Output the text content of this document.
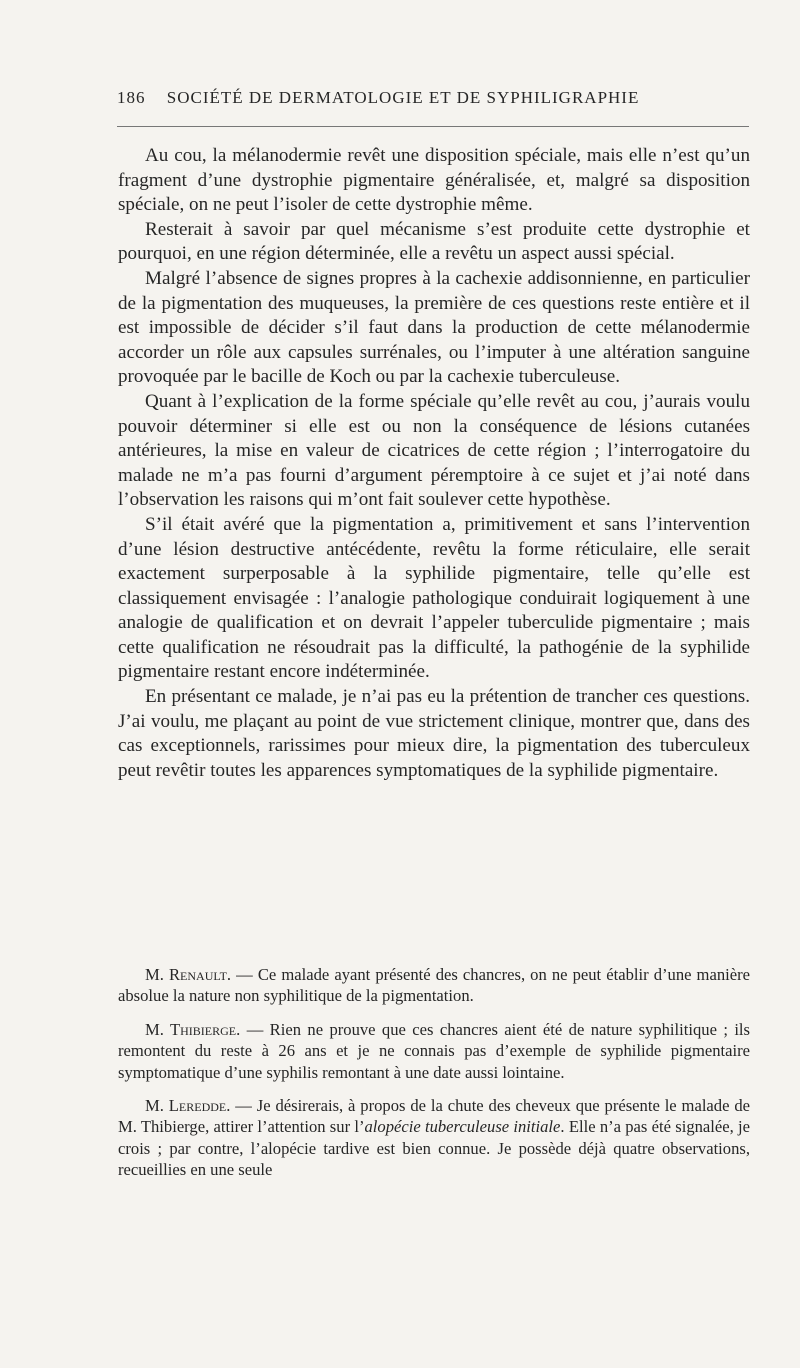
186 SOCIÉTÉ DE DERMATOLOGIE ET DE SYPHILIGRAPHIE

Au cou, la mélanodermie revêt une disposition spéciale, mais elle n’est qu’un fragment d’une dystrophie pigmentaire généralisée, et, malgré sa disposition spéciale, on ne peut l’isoler de cette dystrophie même.

Resterait à savoir par quel mécanisme s’est produite cette dystrophie et pourquoi, en une région déterminée, elle a revêtu un aspect aussi spécial.

Malgré l’absence de signes propres à la cachexie addisonnienne, en particulier de la pigmentation des muqueuses, la première de ces questions reste entière et il est impossible de décider s’il faut dans la production de cette mélanodermie accorder un rôle aux capsules surrénales, ou l’imputer à une altération sanguine provoquée par le bacille de Koch ou par la cachexie tuberculeuse.

Quant à l’explication de la forme spéciale qu’elle revêt au cou, j’aurais voulu pouvoir déterminer si elle est ou non la conséquence de lésions cutanées antérieures, la mise en valeur de cicatrices de cette région ; l’interrogatoire du malade ne m’a pas fourni d’argument péremptoire à ce sujet et j’ai noté dans l’observation les raisons qui m’ont fait soulever cette hypothèse.

S’il était avéré que la pigmentation a, primitivement et sans l’intervention d’une lésion destructive antécédente, revêtu la forme réticulaire, elle serait exactement surperposable à la syphilide pigmentaire, telle qu’elle est classiquement envisagée : l’analogie pathologique conduirait logiquement à une analogie de qualification et on devrait l’appeler tuberculide pigmentaire ; mais cette qualification ne résoudrait pas la difficulté, la pathogénie de la syphilide pigmentaire restant encore indéterminée.

En présentant ce malade, je n’ai pas eu la prétention de trancher ces questions. J’ai voulu, me plaçant au point de vue strictement clinique, montrer que, dans des cas exceptionnels, rarissimes pour mieux dire, la pigmentation des tuberculeux peut revêtir toutes les apparences symptomatiques de la syphilide pigmentaire.

M. Renault. — Ce malade ayant présenté des chancres, on ne peut établir d’une manière absolue la nature non syphilitique de la pigmentation.

M. Thibierge. — Rien ne prouve que ces chancres aient été de nature syphilitique ; ils remontent du reste à 26 ans et je ne connais pas d’exemple de syphilide pigmentaire symptomatique d’une syphilis remontant à une date aussi lointaine.

M. Leredde. — Je désirerais, à propos de la chute des cheveux que présente le malade de M. Thibierge, attirer l’attention sur l’alopécie tuberculeuse initiale. Elle n’a pas été signalée, je crois ; par contre, l’alopécie tardive est bien connue. Je possède déjà quatre observations, recueillies en une seule
